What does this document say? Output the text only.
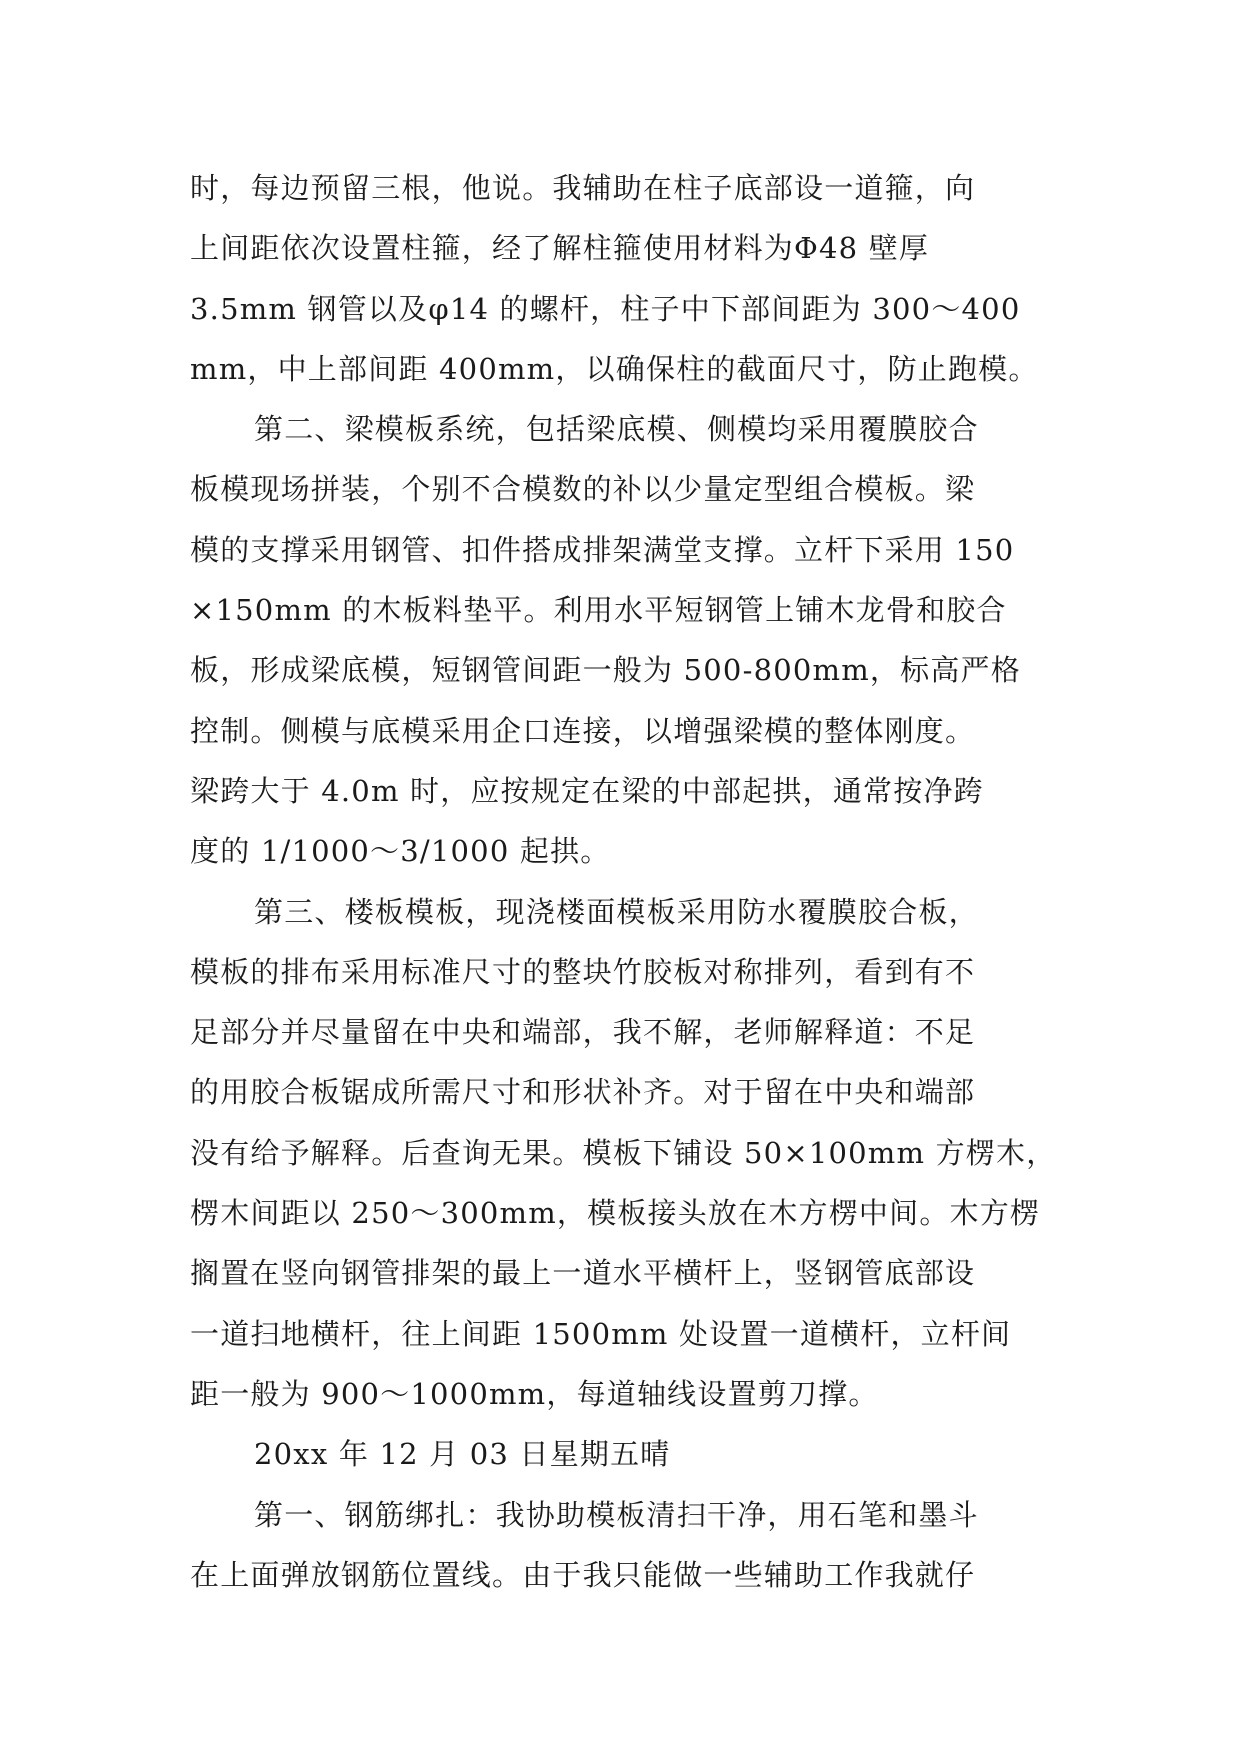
时，每边预留三根，他说。我辅助在柱子底部设一道箍，向
上间距依次设置柱箍，经了解柱箍使用材料为Φ48 壁厚
3.5mm 钢管以及φ14 的螺杆，柱子中下部间距为 300～400
mm，中上部间距 400mm，以确保柱的截面尺寸，防止跑模。
第二、梁模板系统，包括梁底模、侧模均采用覆膜胶合
板模现场拼装，个别不合模数的补以少量定型组合模板。梁
模的支撑采用钢管、扣件搭成排架满堂支撑。立杆下采用 150
×150mm 的木板料垫平。利用水平短钢管上铺木龙骨和胶合
板，形成梁底模，短钢管间距一般为 500-800mm，标高严格
控制。侧模与底模采用企口连接，以增强梁模的整体刚度。
梁跨大于 4.0m 时，应按规定在梁的中部起拱，通常按净跨
度的 1/1000～3/1000 起拱。
第三、楼板模板，现浇楼面模板采用防水覆膜胶合板，
模板的排布采用标准尺寸的整块竹胶板对称排列，看到有不
足部分并尽量留在中央和端部，我不解，老师解释道：不足
的用胶合板锯成所需尺寸和形状补齐。对于留在中央和端部
没有给予解释。后查询无果。模板下铺设 50×100mm 方楞木，
楞木间距以 250～300mm，模板接头放在木方楞中间。木方楞
搁置在竖向钢管排架的最上一道水平横杆上，竖钢管底部设
一道扫地横杆，往上间距 1500mm 处设置一道横杆，立杆间
距一般为 900～1000mm，每道轴线设置剪刀撑。
20xx 年 12 月 03 日星期五晴
第一、钢筋绑扎：我协助模板清扫干净，用石笔和墨斗
在上面弹放钢筋位置线。由于我只能做一些辅助工作我就仔
